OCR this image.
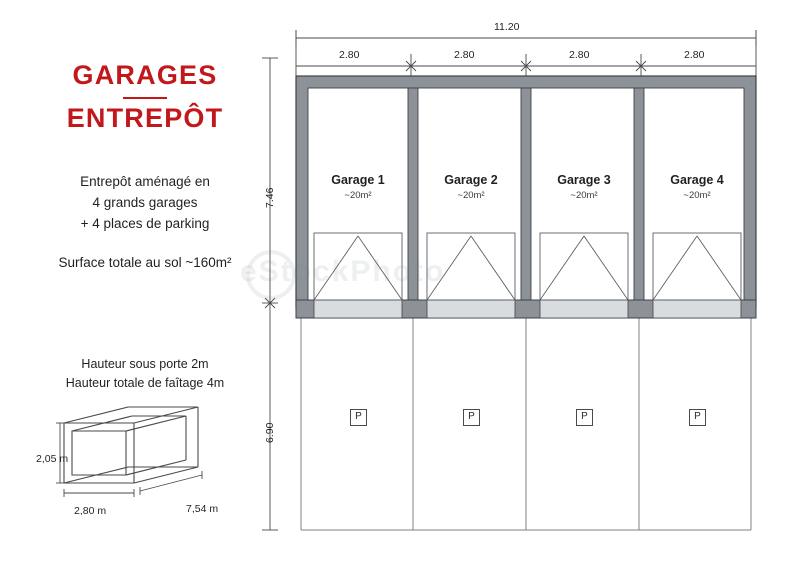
GARAGES
ENTREPÔT
Entrepôt aménagé en
4 grands garages
+ 4 places de parking
Surface totale au sol ~160m²
Hauteur sous porte 2m
Hauteur totale de faîtage 4m
2,05 m
2,80 m	7,54 m
11.20
2.80	2.80	2.80	2.80
7.46
6.90
Garage 1
~20m²
Garage 2
~20m²
Garage 3
~20m²
Garage 4
~20m²
P	P	P	P
